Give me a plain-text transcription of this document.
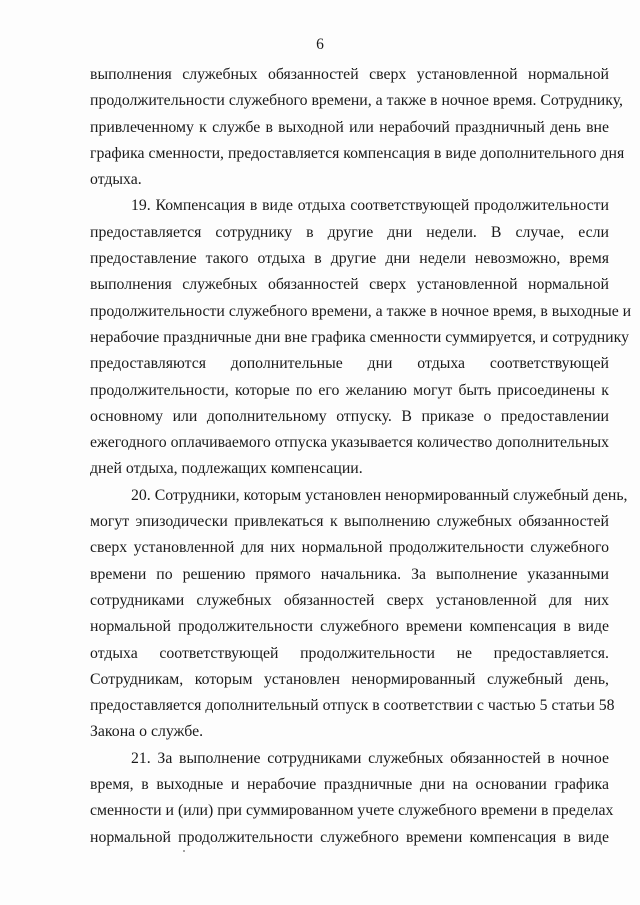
6

выполнения служебных обязанностей сверх установленной нормальной
продолжительности служебного времени, а также в ночное время. Сотруднику,
привлеченному к службе в выходной или нерабочий праздничный день вне
графика сменности, предоставляется компенсация в виде дополнительного дня
отдыха.

19. Компенсация в виде отдыха соответствующей продолжительности
предоставляется сотруднику в другие дни недели. В случае, если
предоставление такого отдыха в другие дни недели невозможно, время
выполнения служебных обязанностей сверх установленной нормальной
продолжительности служебного времени, а также в ночное время, в выходные и
нерабочие праздничные дни вне графика сменности суммируется, и сотруднику
предоставляются дополнительные дни отдыха соответствующей
продолжительности, которые по его желанию могут быть присоединены к
основному или дополнительному отпуску. В приказе о предоставлении
ежегодного оплачиваемого отпуска указывается количество дополнительных
дней отдыха, подлежащих компенсации.

20. Сотрудники, которым установлен ненормированный служебный день,
могут эпизодически привлекаться к выполнению служебных обязанностей
сверх установленной для них нормальной продолжительности служебного
времени по решению прямого начальника. За выполнение указанными
сотрудниками служебных обязанностей сверх установленной для них
нормальной продолжительности служебного времени компенсация в виде
отдыха соответствующей продолжительности не предоставляется.
Сотрудникам, которым установлен ненормированный служебный день,
предоставляется дополнительный отпуск в соответствии с частью 5 статьи 58
Закона о службе.

21. За выполнение сотрудниками служебных обязанностей в ночное
время, в выходные и нерабочие праздничные дни на основании графика
сменности и (или) при суммированном учете служебного времени в пределах
нормальной продолжительности служебного времени компенсация в виде
